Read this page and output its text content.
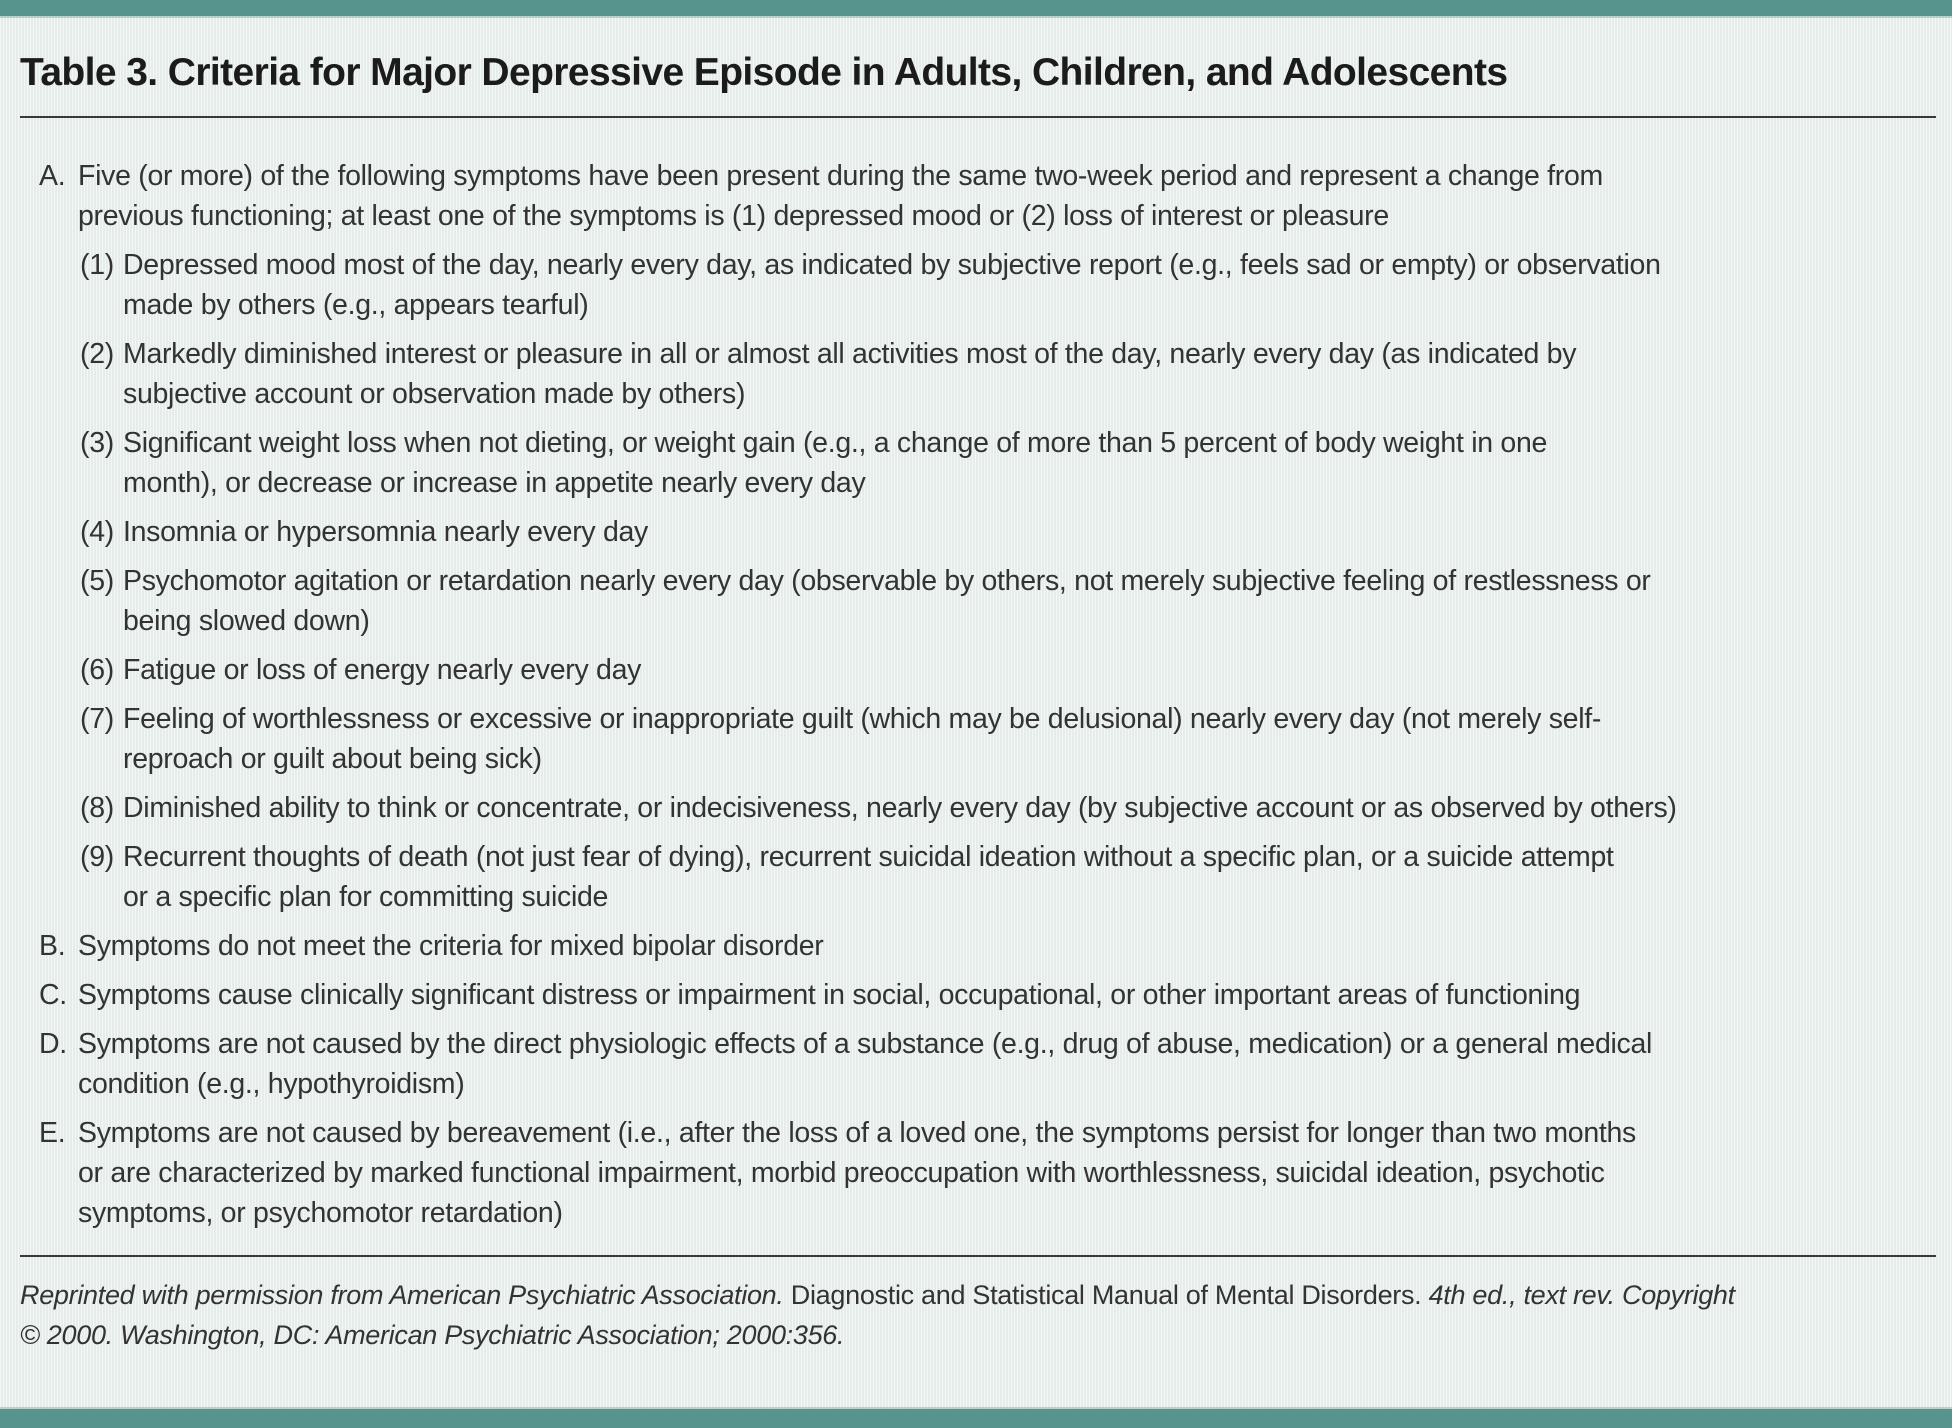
Table 3. Criteria for Major Depressive Episode in Adults, Children, and Adolescents
A. Five (or more) of the following symptoms have been present during the same two-week period and represent a change from
previous functioning; at least one of the symptoms is (1) depressed mood or (2) loss of interest or pleasure
(1) Depressed mood most of the day, nearly every day, as indicated by subjective report (e.g., feels sad or empty) or observation
made by others (e.g., appears tearful)
(2) Markedly diminished interest or pleasure in all or almost all activities most of the day, nearly every day (as indicated by
subjective account or observation made by others)
(3) Significant weight loss when not dieting, or weight gain (e.g., a change of more than 5 percent of body weight in one
month), or decrease or increase in appetite nearly every day
(4) Insomnia or hypersomnia nearly every day
(5) Psychomotor agitation or retardation nearly every day (observable by others, not merely subjective feeling of restlessness or
being slowed down)
(6) Fatigue or loss of energy nearly every day
(7) Feeling of worthlessness or excessive or inappropriate guilt (which may be delusional) nearly every day (not merely self-
reproach or guilt about being sick)
(8) Diminished ability to think or concentrate, or indecisiveness, nearly every day (by subjective account or as observed by others)
(9) Recurrent thoughts of death (not just fear of dying), recurrent suicidal ideation without a specific plan, or a suicide attempt
or a specific plan for committing suicide
B. Symptoms do not meet the criteria for mixed bipolar disorder
C. Symptoms cause clinically significant distress or impairment in social, occupational, or other important areas of functioning
D. Symptoms are not caused by the direct physiologic effects of a substance (e.g., drug of abuse, medication) or a general medical
condition (e.g., hypothyroidism)
E. Symptoms are not caused by bereavement (i.e., after the loss of a loved one, the symptoms persist for longer than two months
or are characterized by marked functional impairment, morbid preoccupation with worthlessness, suicidal ideation, psychotic
symptoms, or psychomotor retardation)
Reprinted with permission from American Psychiatric Association. Diagnostic and Statistical Manual of Mental Disorders. 4th ed., text rev. Copyright
© 2000. Washington, DC: American Psychiatric Association; 2000:356.
